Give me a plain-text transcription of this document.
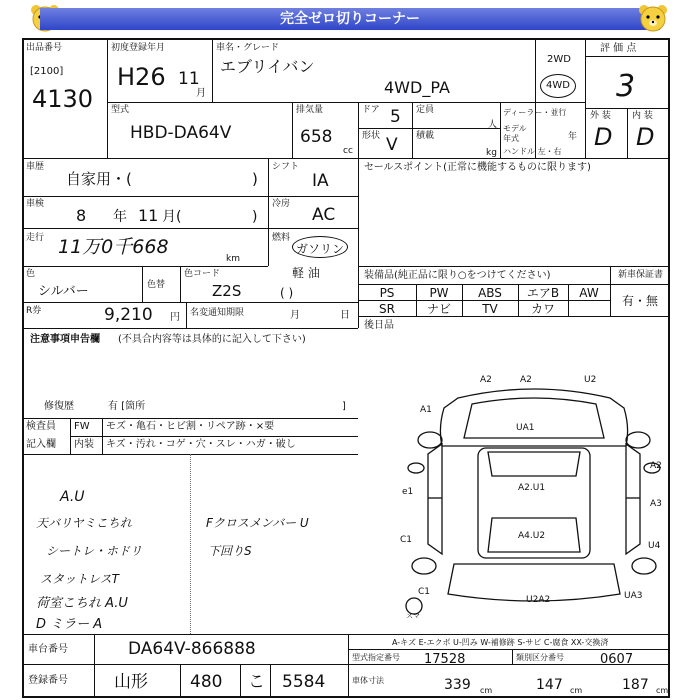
完全ゼロ切りコーナー
出品番号
[2100]
4130
初度登録年月
H26 11
月
車名・グレード
エブリイバン
4WD_PA
2WD
4WD
評 価 点
3
型式
HBD-DA64V
排気量
658
cc
ドア 5
形状 V
定員
人
積載
kg
ディーラー・並行
モデル年式	年
ハンドル 左・右
外 装 内 装
D D
車歴
自家用・(	)
シフト
IA
車検
8 年 11 月(	)
冷房
AC
走行 11万0千668
km
燃料
ガソリン
軽 油
( )
色
シルバー	色替
色コード
Z2S
R券	9,210 円 名変通知期限	月	日
セールスポイント(正常に機能するものに限ります)
装備品(純正品に限り○をつけてください)	新車保証書
有・無
PS	PW	ABS	エアB	AW
SR	ナビ	TV	カワ
後日品
注意事項申告欄 (不具合内容等は具体的に記入して下さい)
修復歴	有 [箇所	]
検査員
記入欄
FW モズ・亀石・ヒビ割・リペア跡・×要
内装 キズ・汚れ・コゲ・穴・スレ・ハガ・破し
A.U
天バリヤミこちれ
シートレ・ホドリ
スタットレスT
荷室こちれ A.U
D ミラー A
Fクロスメンバー U
下回りS
A2	A2	U2
A1
UA1
A2
e1	A2.U1
A3
C1	A4.U2
U4
C1
U2A2	UA3
スマ
車台番号	DA64V-866888
登録番号	山形 480 こ 5584
A-キズ E-エクボ U-凹み W-補修跡 S-サビ C-腐食 XX-交換済
型式指定番号 17528	類別区分番号	0607
車体寸法	339 cm	147 cm	187 cm
